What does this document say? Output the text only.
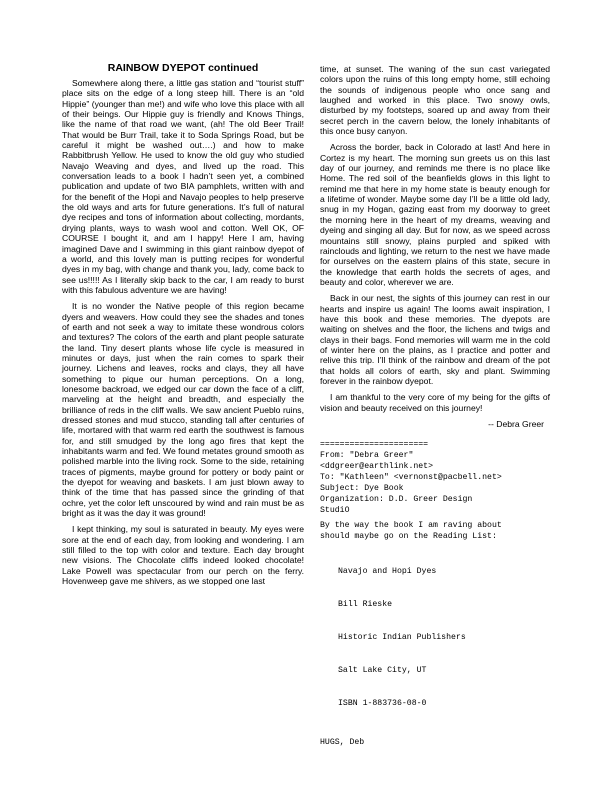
RAINBOW DYEPOT continued

Somewhere along there, a little gas station and “tourist stuff” place sits on the edge of a long steep hill. There is an “old Hippie” (younger than me!) and wife who love this place with all of their beings. Our Hippie guy is friendly and Knows Things, like the name of that road we want, (ah! The old Beer Trail! That would be Burr Trail, take it to Soda Springs Road, but be careful it might be washed out….) and how to make Rabbitbrush Yellow. He used to know the old guy who studied Navajo Weaving and dyes, and lived up the road. This conversation leads to a book I hadn’t seen yet, a combined publication and update of two BIA pamphlets, written with and for the benefit of the Hopi and Navajo peoples to help preserve the old ways and arts for future generations. It’s full of natural dye recipes and tons of information about collecting, mordants, drying plants, ways to wash wool and cotton. Well OK, OF COURSE I bought it, and am I happy! Here I am, having imagined Dave and I swimming in this giant rainbow dyepot of a world, and this lovely man is putting recipes for wonderful dyes in my bag, with change and thank you, lady, come back to see us!!!!! As I literally skip back to the car, I am ready to burst with this fabulous adventure we are having!

It is no wonder the Native people of this region became dyers and weavers. How could they see the shades and tones of earth and not seek a way to imitate these wondrous colors and textures? The colors of the earth and plant people saturate the land. Tiny desert plants whose life cycle is measured in minutes or days, just when the rain comes to spark their journey. Lichens and leaves, rocks and clays, they all have something to pique our human perceptions. On a long, lonesome backroad, we edged our car down the face of a cliff, marveling at the height and breadth, and especially the brilliance of reds in the cliff walls. We saw ancient Pueblo ruins, dressed stones and mud stucco, standing tall after centuries of life, mortared with that warm red earth the southwest is famous for, and still smudged by the long ago fires that kept the inhabitants warm and fed. We found metates ground smooth as polished marble into the living rock. Some to the side, retaining traces of pigments, maybe ground for pottery or body paint or the dyepot for weaving and baskets. I am just blown away to think of the time that has passed since the grinding of that ochre, yet the color left unscoured by wind and rain must be as bright as it was the day it was ground!

I kept thinking, my soul is saturated in beauty. My eyes were sore at the end of each day, from looking and wondering. I am still filled to the top with color and texture. Each day brought new visions. The Chocolate cliffs indeed looked chocolate! Lake Powell was spectacular from our perch on the ferry. Hovenweep gave me shivers, as we stopped one last

time, at sunset. The waning of the sun cast variegated colors upon the ruins of this long empty home, still echoing the sounds of indigenous people who once sang and laughed and worked in this place. Two snowy owls, disturbed by my footsteps, soared up and away from their secret perch in the cavern below, the lonely inhabitants of this once busy canyon.

Across the border, back in Colorado at last! And here in Cortez is my heart. The morning sun greets us on this last day of our journey, and reminds me there is no place like Home. The red soil of the beanfields glows in this light to remind me that here in my home state is beauty enough for a lifetime of wonder. Maybe some day I’ll be a little old lady, snug in my Hogan, gazing east from my doorway to greet the morning here in the heart of my dreams, weaving and dyeing and singing all day. But for now, as we speed across mountains still snowy, plains purpled and spiked with rainclouds and lighting, we return to the nest we have made for ourselves on the eastern plains of this state, secure in the knowledge that earth holds the secrets of ages, and beauty and color, wherever we are.

Back in our nest, the sights of this journey can rest in our hearts and inspire us again! The looms await inspiration, I have this book and these memories. The dyepots are waiting on shelves and the floor, the lichens and twigs and clays in their bags. Fond memories will warm me in the cold of winter here on the plains, as I practice and potter and relive this trip. I’ll think of the rainbow and dream of the pot that holds all colors of earth, sky and plant. Swimming forever in the rainbow dyepot.

I am thankful to the very core of my being for the gifts of vision and beauty received on this journey!

-- Debra Greer
======================
From: "Debra Greer"
<ddgreer@earthlink.net>
To: "Kathleen" <vernonst@pacbell.net>
Subject: Dye Book
Organization: D.D. Greer Design
StudiO
By the way the book I am raving about
should maybe go on the Reading List:

Navajo and Hopi Dyes

Bill Rieske

Historic Indian Publishers

Salt Lake City, UT

ISBN 1-883736-08-0

HUGS, Deb
